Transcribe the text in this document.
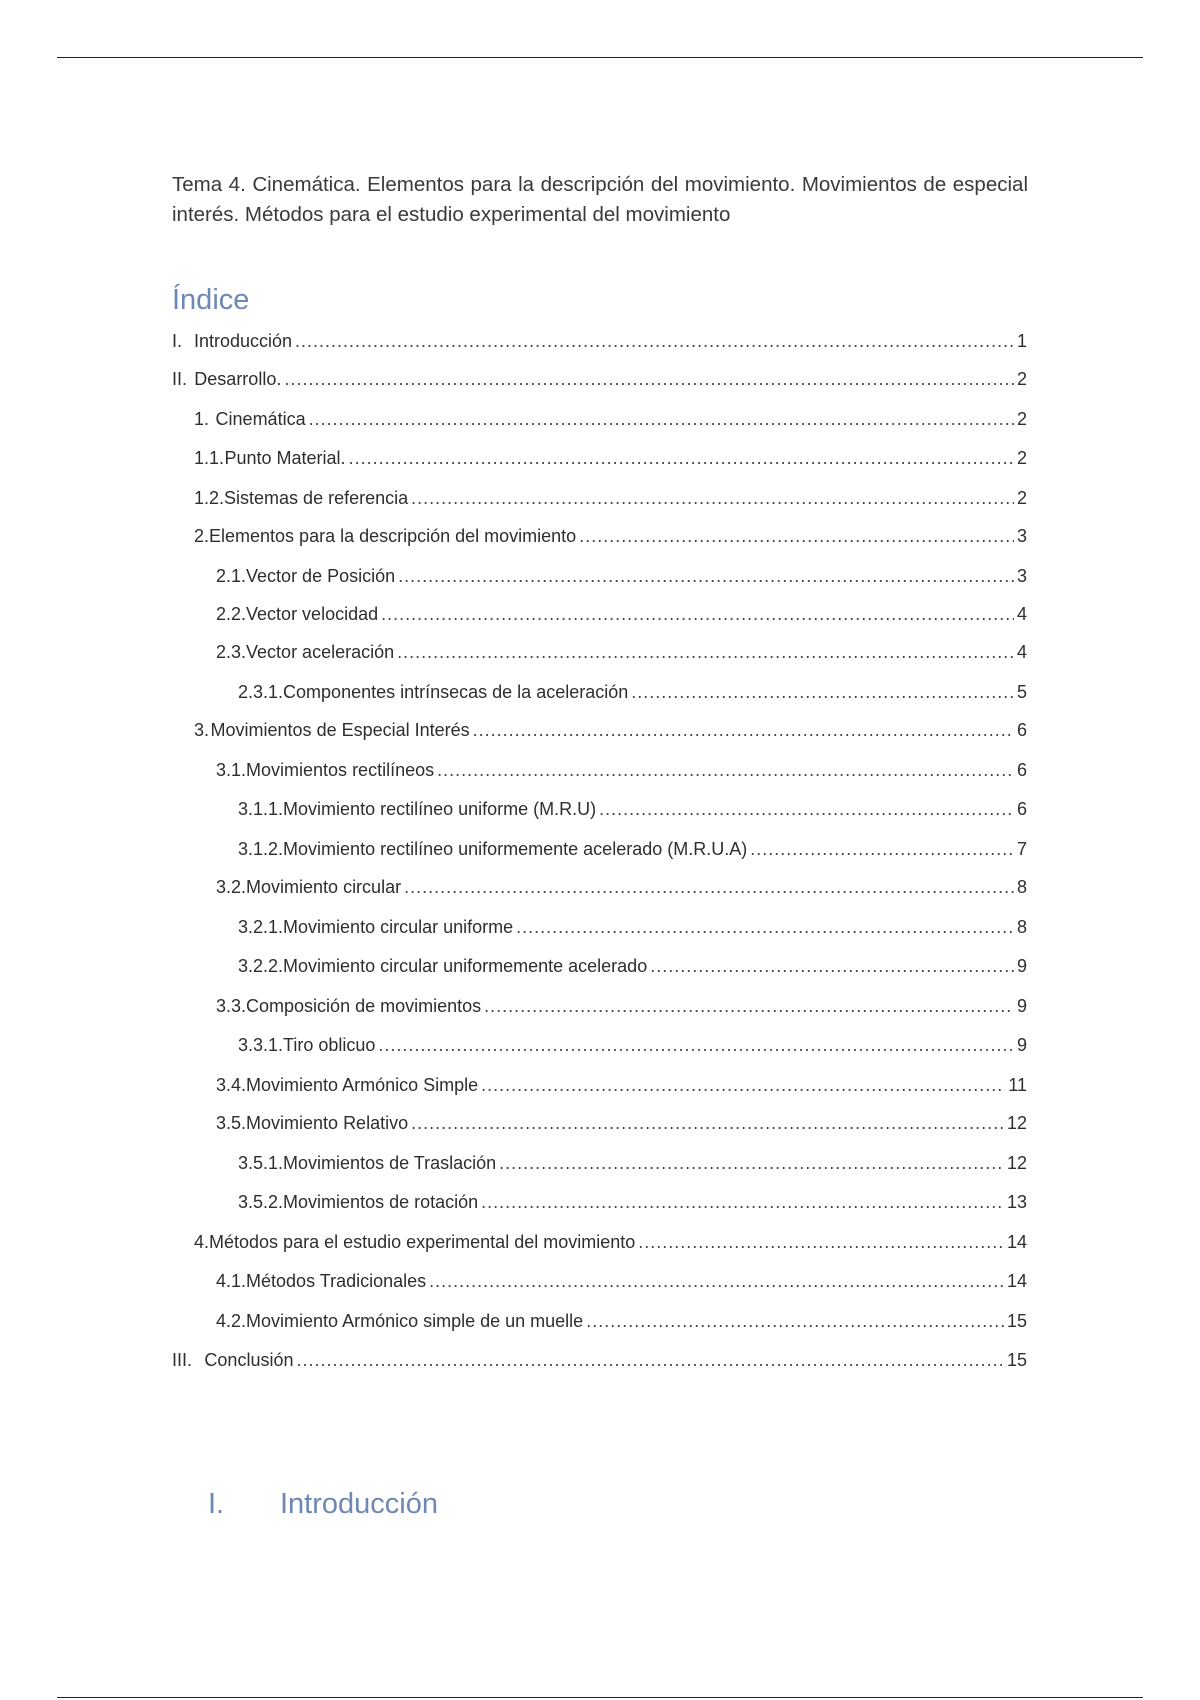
Tema 4. Cinemática. Elementos para la descripción del movimiento. Movimientos de especial interés. Métodos para el estudio experimental del movimiento

Índice
I. Introducción .....	1
II. Desarrollo. .....	2
1. Cinemática .....	2
1.1. Punto Material. .....	2
1.2. Sistemas de referencia .....	2
2. Elementos para la descripción del movimiento .....	3
2.1. Vector de Posición .....	3
2.2. Vector velocidad .....	4
2.3. Vector aceleración .....	4
2.3.1. Componentes intrínsecas de la aceleración .....	5
3. Movimientos de Especial Interés .....	6
3.1. Movimientos rectilíneos .....	6
3.1.1. Movimiento rectilíneo uniforme (M.R.U) .....	6
3.1.2. Movimiento rectilíneo uniformemente acelerado (M.R.U.A) .....	7
3.2. Movimiento circular .....	8
3.2.1. Movimiento circular uniforme .....	8
3.2.2. Movimiento circular uniformemente acelerado .....	9
3.3. Composición de movimientos .....	9
3.3.1. Tiro oblicuo .....	9
3.4. Movimiento Armónico Simple .....	11
3.5. Movimiento Relativo .....	12
3.5.1. Movimientos de Traslación .....	12
3.5.2. Movimientos de rotación .....	13
4. Métodos para el estudio experimental del movimiento .....	14
4.1. Métodos Tradicionales .....	14
4.2. Movimiento Armónico simple de un muelle .....	15
III. Conclusión .....	15
I.	Introducción
